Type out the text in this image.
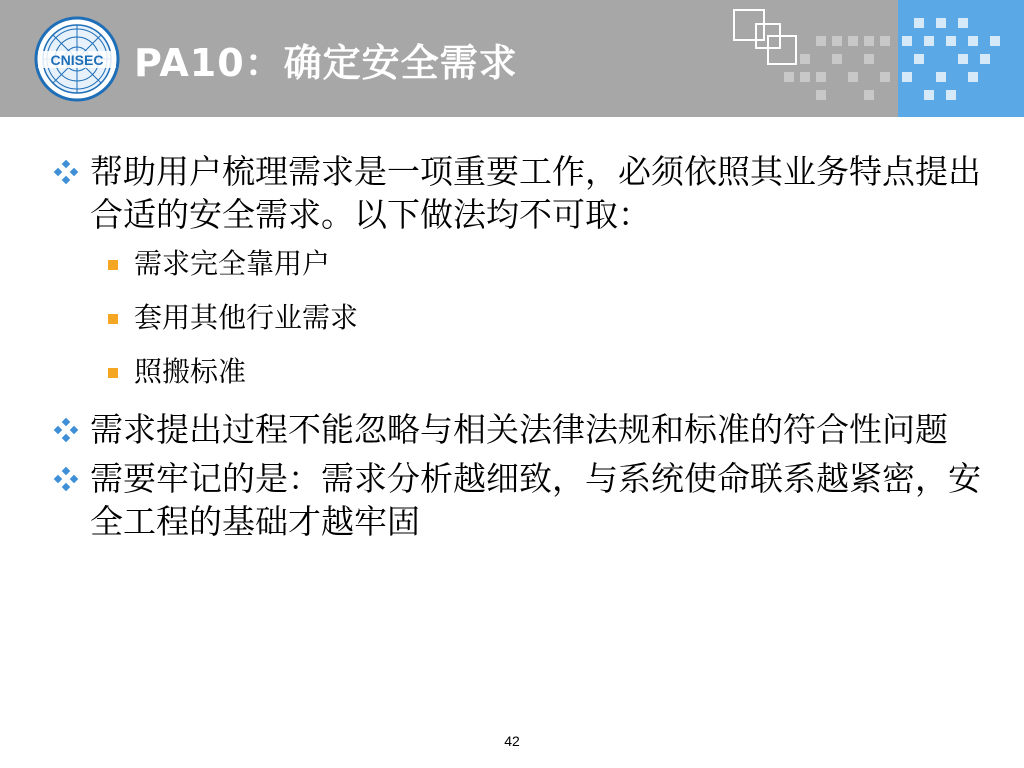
CNISEC PA10：确定安全需求
帮助用户梳理需求是一项重要工作，必须依照其业务特点提出合适的安全需求。以下做法均不可取：
需求完全靠用户
套用其他行业需求
照搬标准
需求提出过程不能忽略与相关法律法规和标准的符合性问题
需要牢记的是：需求分析越细致，与系统使命联系越紧密，安全工程的基础才越牢固
42
